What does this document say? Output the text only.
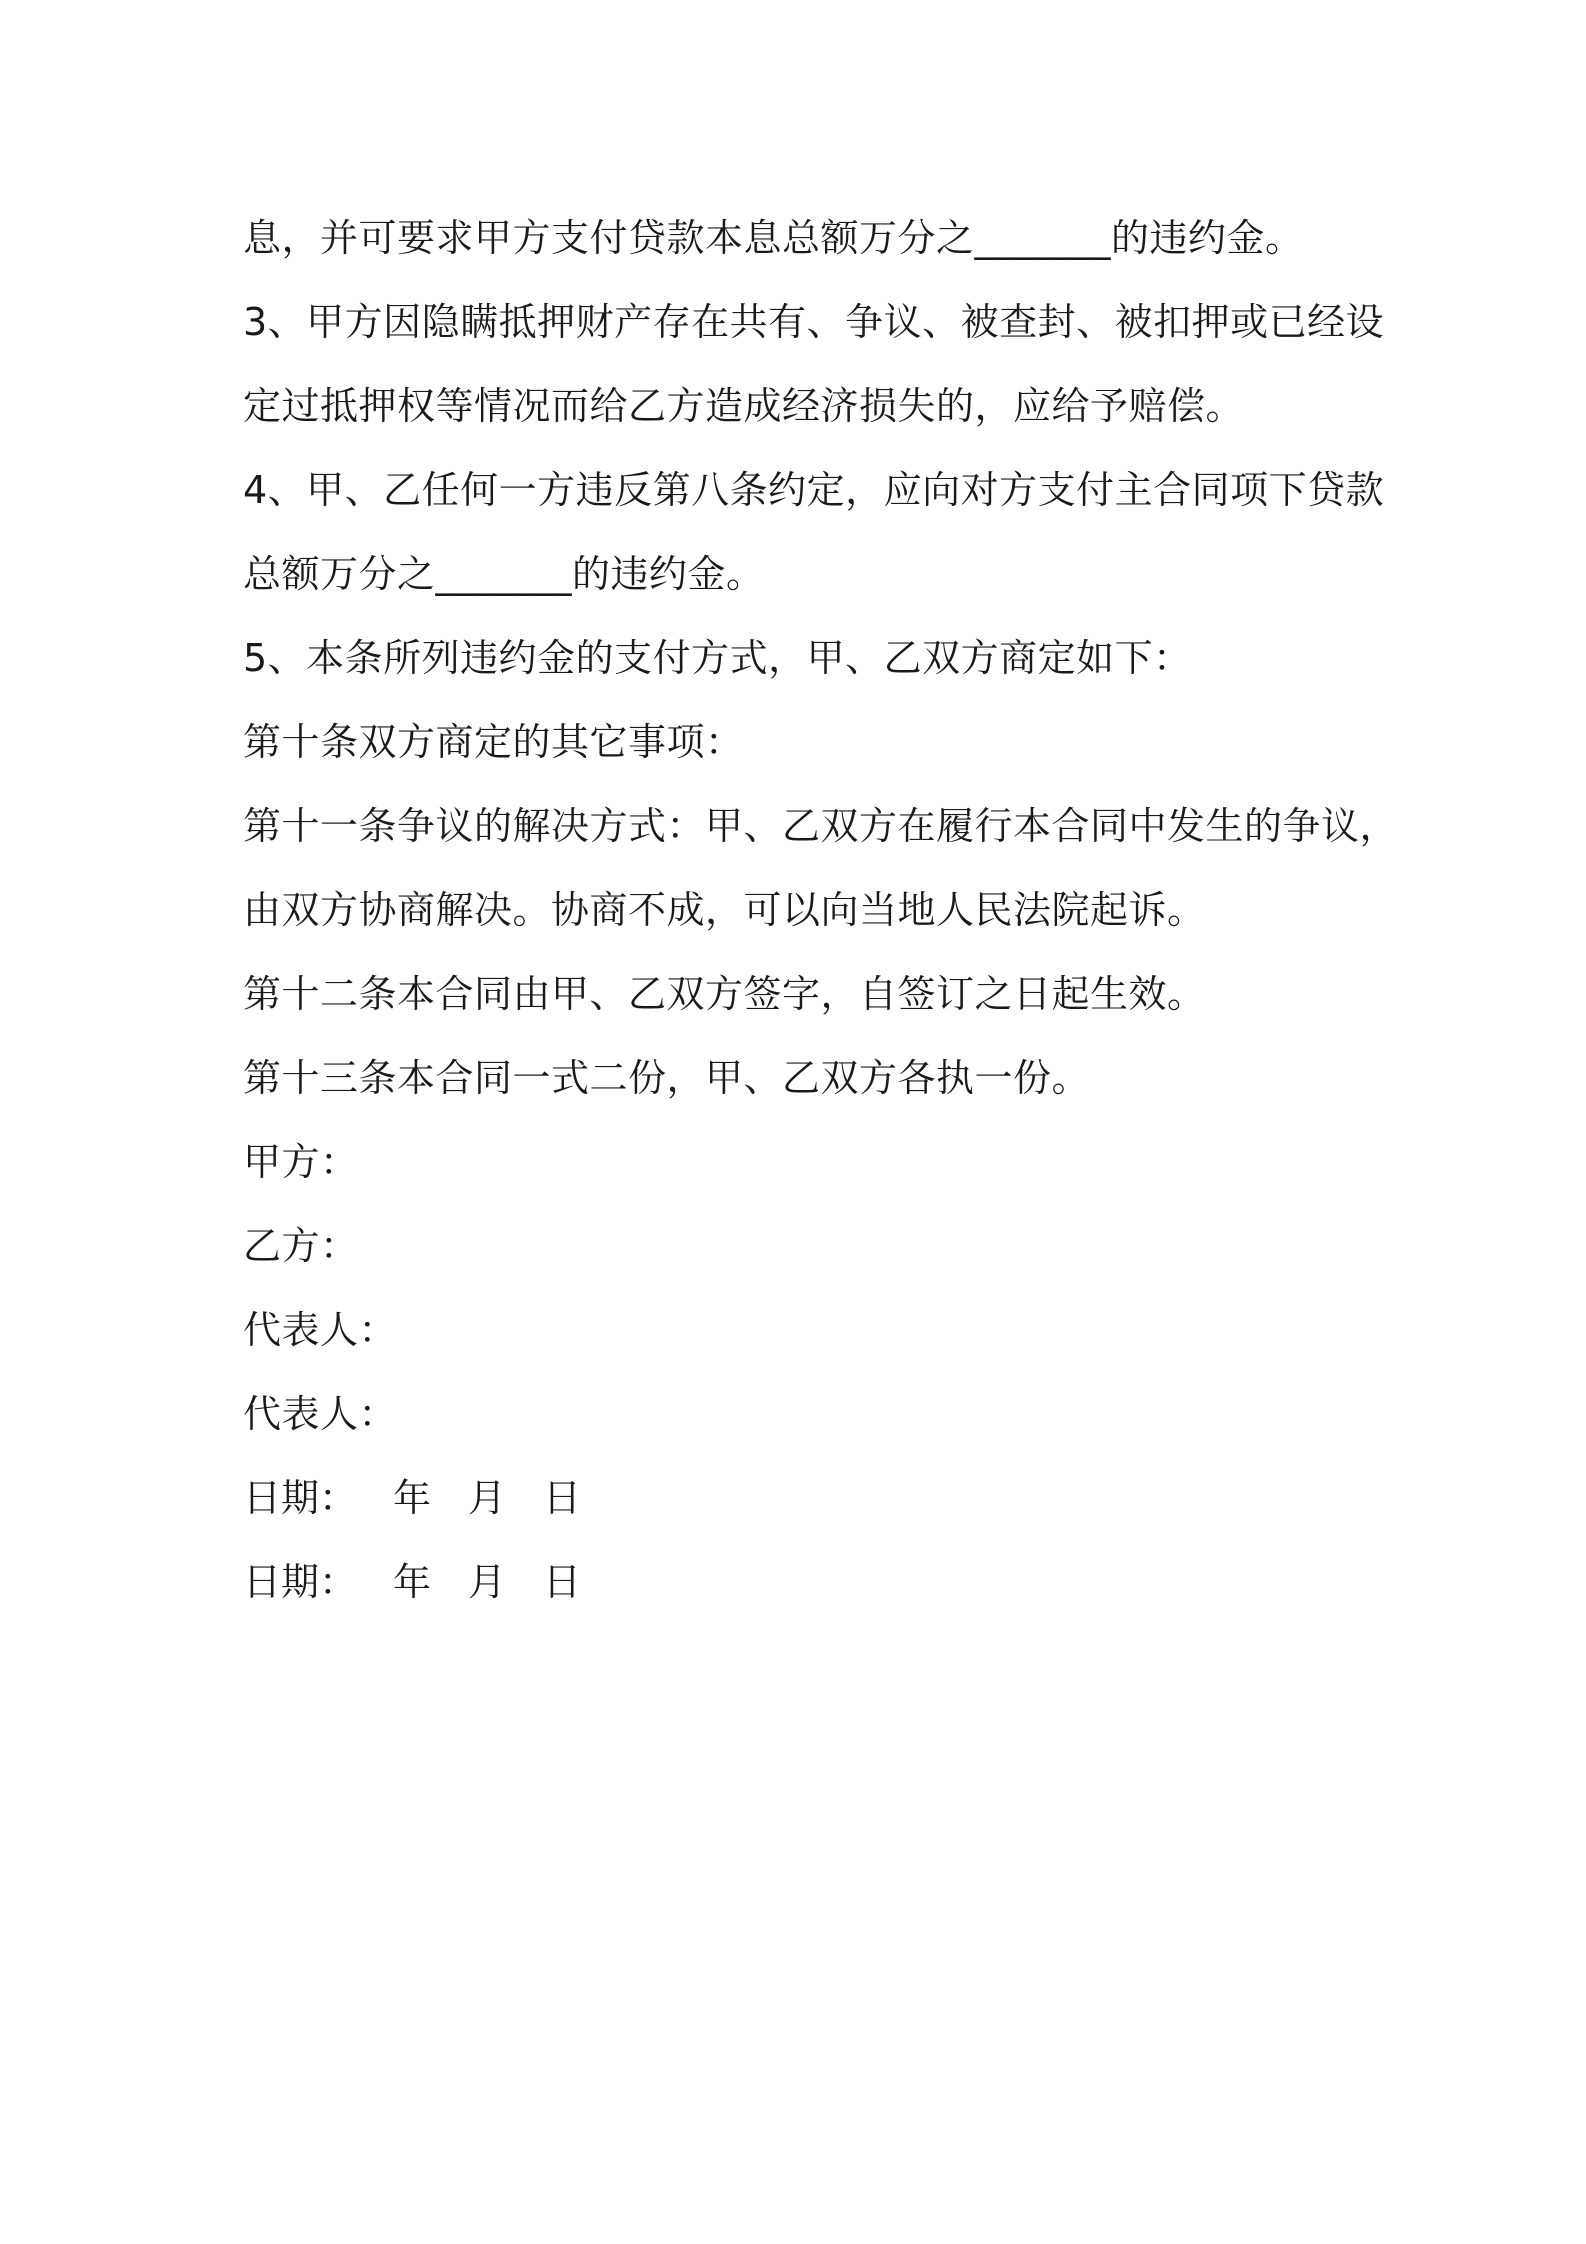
息，并可要求甲方支付贷款本息总额万分之_______的违约金。
3、甲方因隐瞒抵押财产存在共有、争议、被查封、被扣押或已经设
定过抵押权等情况而给乙方造成经济损失的，应给予赔偿。
4、甲、乙任何一方违反第八条约定，应向对方支付主合同项下贷款
总额万分之_______的违约金。
5、本条所列违约金的支付方式，甲、乙双方商定如下：
第十条双方商定的其它事项：
第十一条争议的解决方式：甲、乙双方在履行本合同中发生的争议，
由双方协商解决。协商不成，可以向当地人民法院起诉。
第十二条本合同由甲、乙双方签字，自签订之日起生效。
第十三条本合同一式二份，甲、乙双方各执一份。
甲方：
乙方：
代表人：
代表人：
日期： 年 月 日
日期： 年 月 日
